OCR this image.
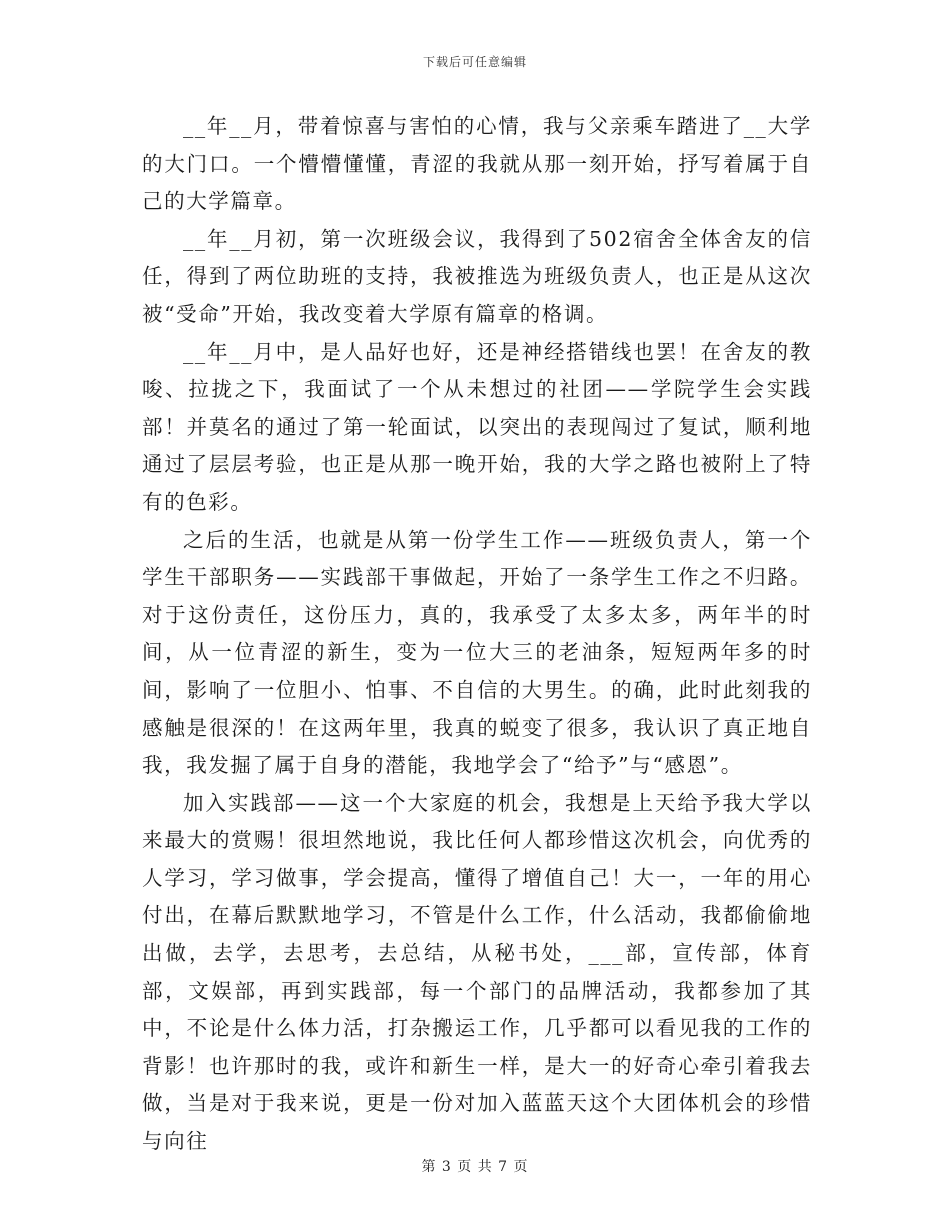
下载后可任意编辑

__年__月，带着惊喜与害怕的心情，我与父亲乘车踏进了__大学的大门口。一个懵懵懂懂，青涩的我就从那一刻开始，抒写着属于自己的大学篇章。

__年__月初，第一次班级会议，我得到了502宿舍全体舍友的信任，得到了两位助班的支持，我被推选为班级负责人，也正是从这次被“受命”开始，我改变着大学原有篇章的格调。

__年__月中，是人品好也好，还是神经搭错线也罢！在舍友的教唆、拉拢之下，我面试了一个从未想过的社团——学院学生会实践部！并莫名的通过了第一轮面试，以突出的表现闯过了复试，顺利地通过了层层考验，也正是从那一晚开始，我的大学之路也被附上了特有的色彩。

之后的生活，也就是从第一份学生工作——班级负责人，第一个学生干部职务——实践部干事做起，开始了一条学生工作之不归路。对于这份责任，这份压力，真的，我承受了太多太多，两年半的时间，从一位青涩的新生，变为一位大三的老油条，短短两年多的时间，影响了一位胆小、怕事、不自信的大男生。的确，此时此刻我的感触是很深的！在这两年里，我真的蜕变了很多，我认识了真正地自我，我发掘了属于自身的潜能，我地学会了“给予”与“感恩”。

加入实践部——这一个大家庭的机会，我想是上天给予我大学以来最大的赏赐！很坦然地说，我比任何人都珍惜这次机会，向优秀的人学习，学习做事，学会提高，懂得了增值自己！大一，一年的用心付出，在幕后默默地学习，不管是什么工作，什么活动，我都偷偷地出做，去学，去思考，去总结，从秘书处，___部，宣传部，体育部，文娱部，再到实践部，每一个部门的品牌活动，我都参加了其中，不论是什么体力活，打杂搬运工作，几乎都可以看见我的工作的背影！也许那时的我，或许和新生一样，是大一的好奇心牵引着我去做，当是对于我来说，更是一份对加入蓝蓝天这个大团体机会的珍惜与向往

第 3 页 共 7 页
